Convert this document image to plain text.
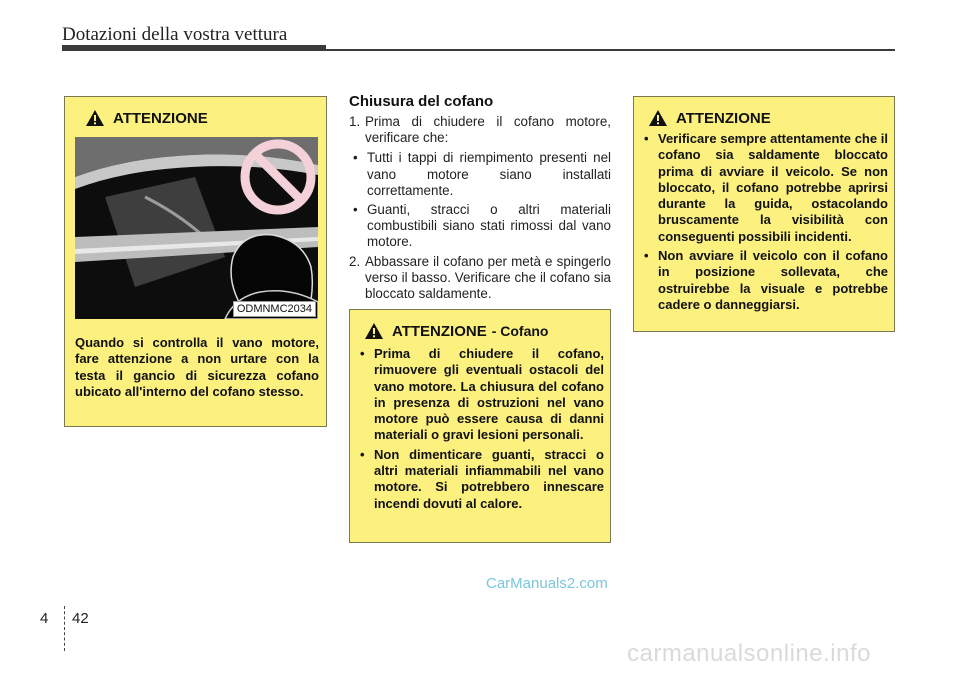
Dotazioni della vostra vettura
ATTENZIONE
ODMNMC2034
Quando si controlla il vano motore, fare attenzione a non urtare con la testa il gancio di sicurezza cofano ubicato all'interno del cofano stesso.
Chiusura del cofano
1. Prima di chiudere il cofano motore, verificare che:
• Tutti i tappi di riempimento presenti nel vano motore siano installati correttamente.
• Guanti, stracci o altri materiali combustibili siano stati rimossi dal vano motore.
2. Abbassare il cofano per metà e spingerlo verso il basso. Verificare che il cofano sia bloccato saldamente.
ATTENZIONE - Cofano
• Prima di chiudere il cofano, rimuovere gli eventuali ostacoli del vano motore. La chiusura del cofano in presenza di ostruzioni nel vano motore può essere causa di danni materiali o gravi lesioni personali.
• Non dimenticare guanti, stracci o altri materiali infiammabili nel vano motore. Si potrebbero innescare incendi dovuti al calore.
ATTENZIONE
• Verificare sempre attentamente che il cofano sia saldamente bloccato prima di avviare il veicolo. Se non bloccato, il cofano potrebbe aprirsi durante la guida, ostacolando bruscamente la visibilità con conseguenti possibili incidenti.
• Non avviare il veicolo con il cofano in posizione sollevata, che ostruirebbe la visuale e potrebbe cadere o danneggiarsi.
CarManuals2.com
4 42
carmanualsonline.info
